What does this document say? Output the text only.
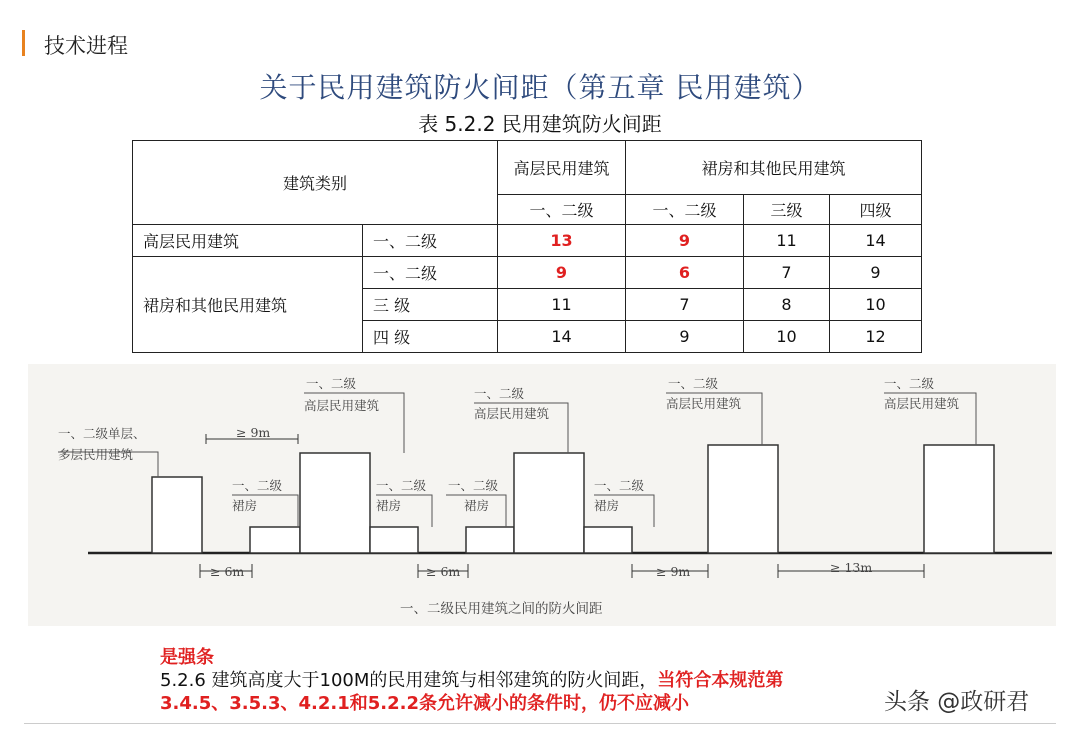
技术进程
关于民用建筑防火间距（第五章 民用建筑）
表 5.2.2 民用建筑防火间距
建筑类别		高层民用建筑	裙房和其他民用建筑		
		一、二级	一、二级	三级	四级
高层民用建筑	一、二级	13	9	11	14
裙房和其他民用建筑	一、二级	9	6	7	9
	三 级	11	7	8	10
	四 级	14	9	10	12
一、二级单层、
多层民用建筑
一、二级
裙房
一、二级
高层民用建筑
一、二级
裙房
一、二级
裙房
一、二级
高层民用建筑
一、二级
裙房
一、二级
高层民用建筑
一、二级
高层民用建筑
≥ 9m
≥ 6m	≥ 6m	≥ 9m	≥ 13m
一、二级民用建筑之间的防火间距
是强条
5.2.6 建筑高度大于100M的民用建筑与相邻建筑的防火间距，当符合本规范第
3.4.5、3.5.3、4.2.1和5.2.2条允许减小的条件时，仍不应减小	头条 @政研君
